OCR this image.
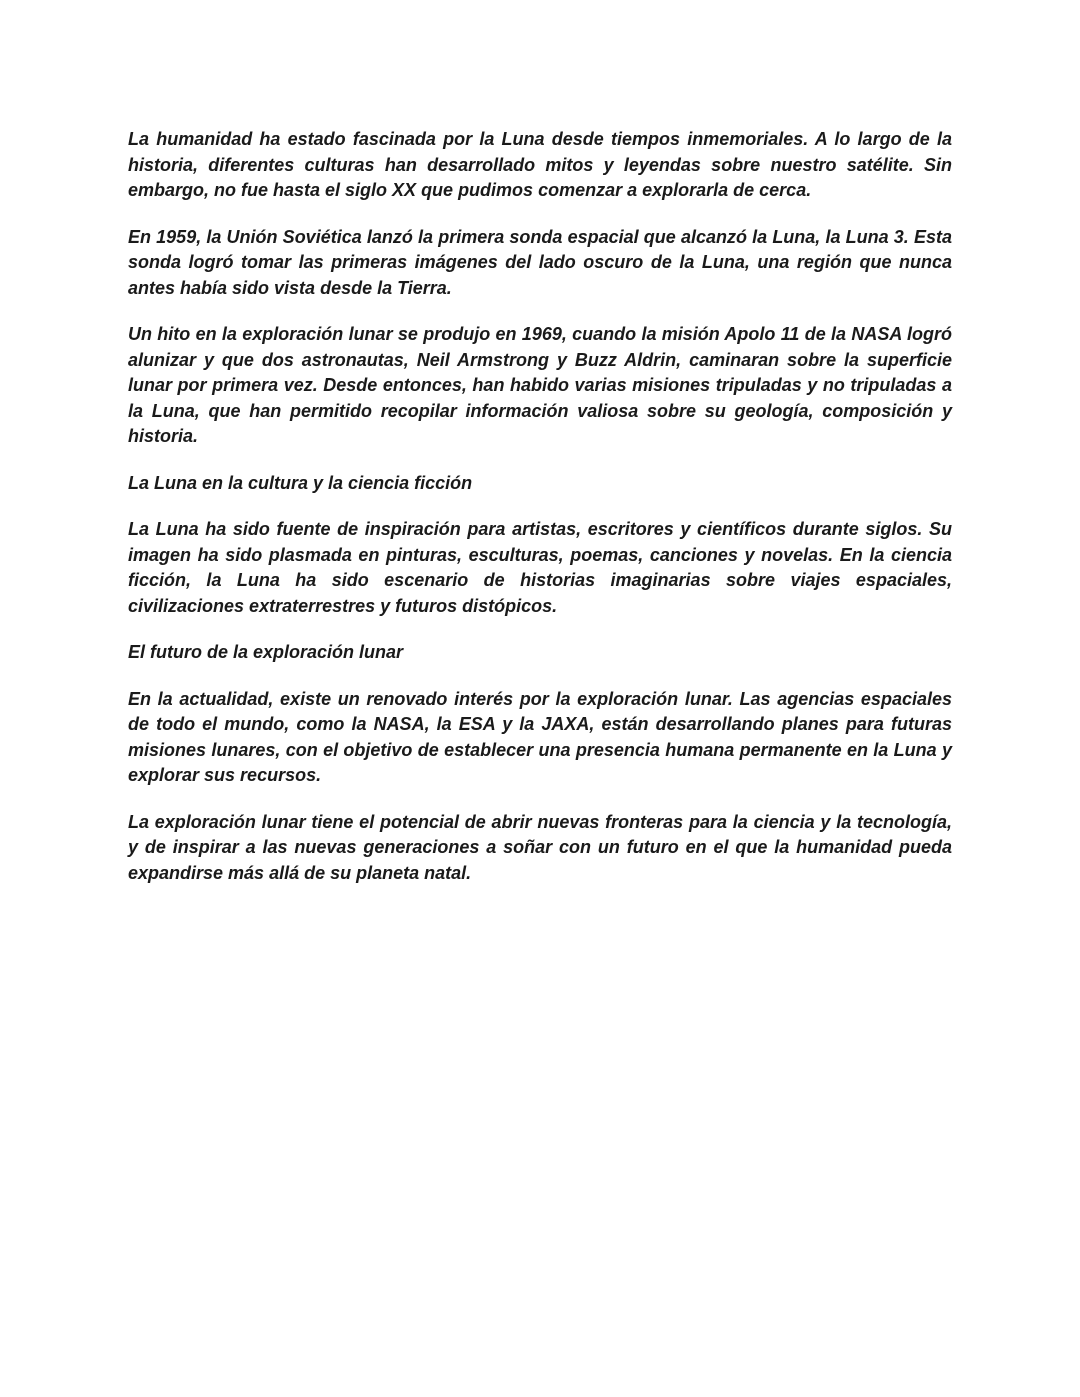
La humanidad ha estado fascinada por la Luna desde tiempos inmemoriales. A lo largo de la historia, diferentes culturas han desarrollado mitos y leyendas sobre nuestro satélite. Sin embargo, no fue hasta el siglo XX que pudimos comenzar a explorarla de cerca.

En 1959, la Unión Soviética lanzó la primera sonda espacial que alcanzó la Luna, la Luna 3. Esta sonda logró tomar las primeras imágenes del lado oscuro de la Luna, una región que nunca antes había sido vista desde la Tierra.

Un hito en la exploración lunar se produjo en 1969, cuando la misión Apolo 11 de la NASA logró alunizar y que dos astronautas, Neil Armstrong y Buzz Aldrin, caminaran sobre la superficie lunar por primera vez. Desde entonces, han habido varias misiones tripuladas y no tripuladas a la Luna, que han permitido recopilar información valiosa sobre su geología, composición y historia.

La Luna en la cultura y la ciencia ficción

La Luna ha sido fuente de inspiración para artistas, escritores y científicos durante siglos. Su imagen ha sido plasmada en pinturas, esculturas, poemas, canciones y novelas. En la ciencia ficción, la Luna ha sido escenario de historias imaginarias sobre viajes espaciales, civilizaciones extraterrestres y futuros distópicos.

El futuro de la exploración lunar

En la actualidad, existe un renovado interés por la exploración lunar. Las agencias espaciales de todo el mundo, como la NASA, la ESA y la JAXA, están desarrollando planes para futuras misiones lunares, con el objetivo de establecer una presencia humana permanente en la Luna y explorar sus recursos.

La exploración lunar tiene el potencial de abrir nuevas fronteras para la ciencia y la tecnología, y de inspirar a las nuevas generaciones a soñar con un futuro en el que la humanidad pueda expandirse más allá de su planeta natal.
